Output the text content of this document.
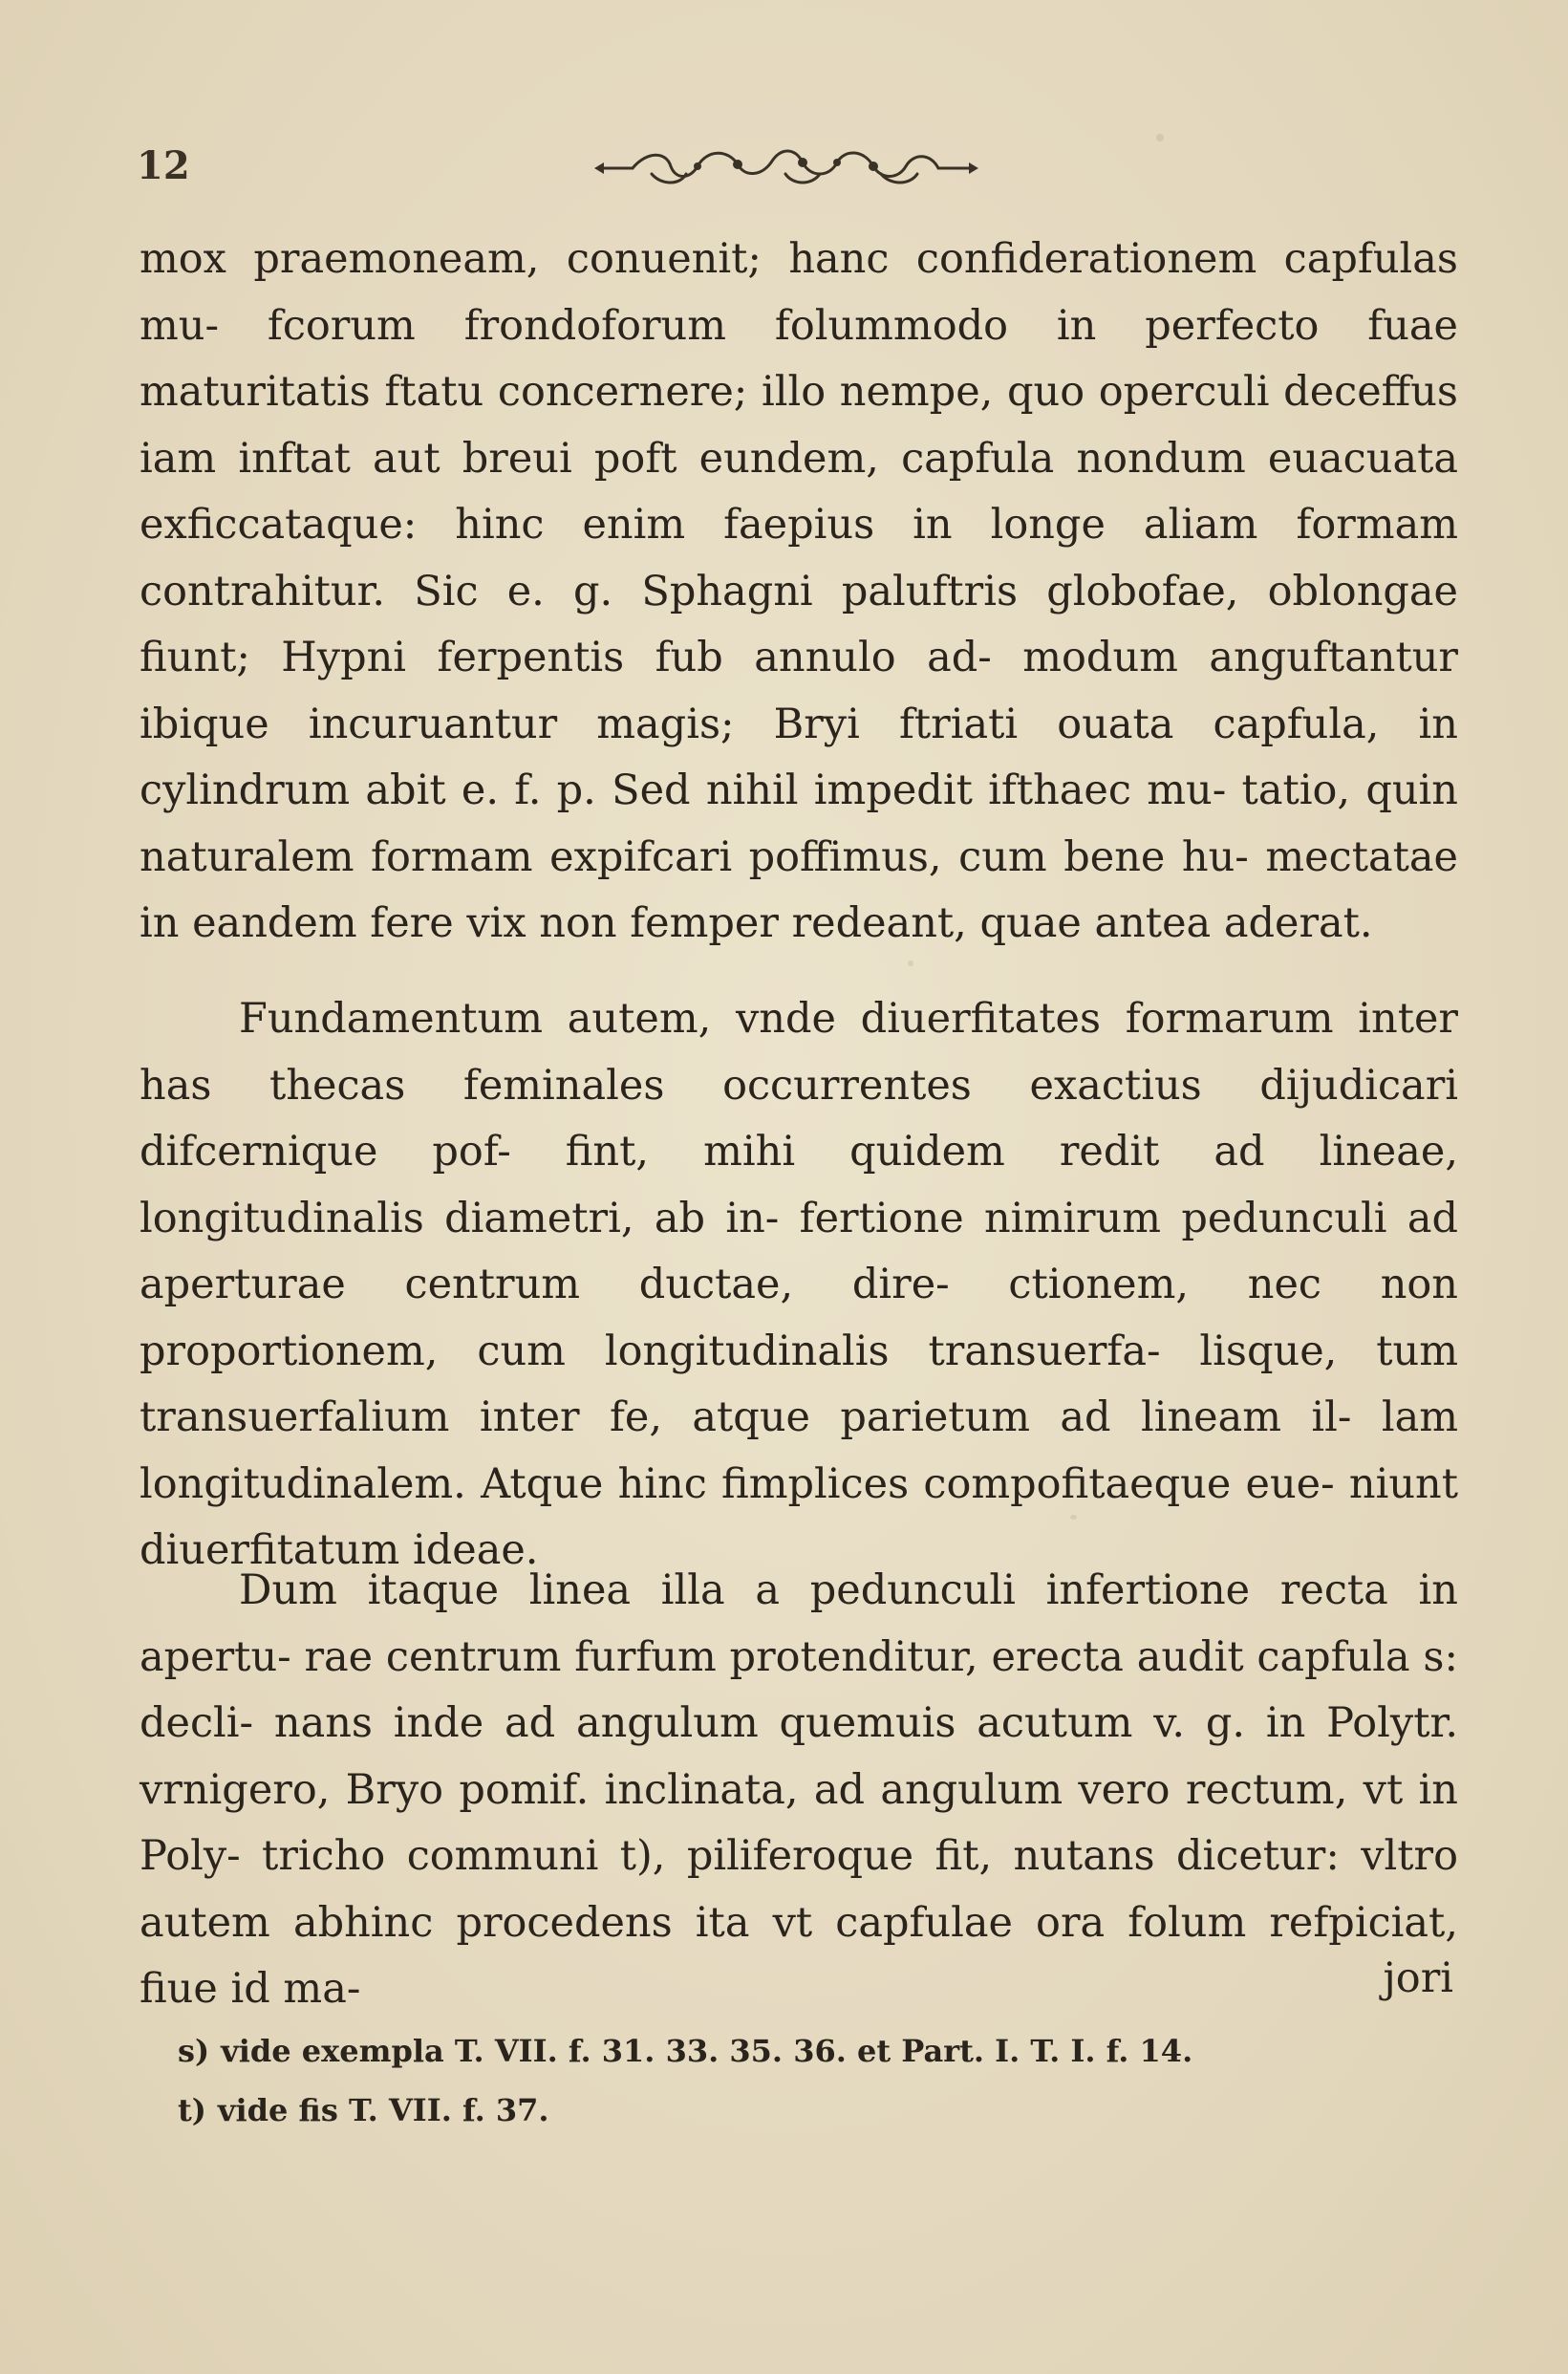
12

mox praemoneam, conuenit; hanc confiderationem capfulas mu- fcorum frondoforum folummodo in perfecto fuae maturitatis ftatu concernere; illo nempe, quo operculi deceffus iam inftat aut breui poft eundem, capfula nondum euacuata exficcataque: hinc enim faepius in longe aliam formam contrahitur. Sic e. g. Sphagni paluftris globofae, oblongae fiunt; Hypni ferpentis fub annulo ad- modum anguftantur ibique incuruantur magis; Bryi ftriati ouata capfula, in cylindrum abit e. f. p. Sed nihil impedit ifthaec mu- tatio, quin naturalem formam expifcari poffimus, cum bene hu- mectatae in eandem fere vix non femper redeant, quae antea aderat.

Fundamentum autem, vnde diuerfitates formarum inter has thecas feminales occurrentes exactius dijudicari difcernique pof- fint, mihi quidem redit ad lineae, longitudinalis diametri, ab in- fertione nimirum pedunculi ad aperturae centrum ductae, dire- ctionem, nec non proportionem, cum longitudinalis transuerfa- lisque, tum transuerfalium inter fe, atque parietum ad lineam il- lam longitudinalem. Atque hinc fimplices compofitaeque eue- niunt diuerfitatum ideae.

Dum itaque linea illa a pedunculi infertione recta in apertu- rae centrum furfum protenditur, erecta audit capfula s: decli- nans inde ad angulum quemuis acutum v. g. in Polytr. vrnigero, Bryo pomif. inclinata, ad angulum vero rectum, vt in Poly- tricho communi t), piliferoque fit, nutans dicetur: vltro autem abhinc procedens ita vt capfulae ora folum refpiciat, fiue id ma-	jori
s) vide exempla T. VII. f. 31. 33. 35. 36. et Part. I. T. I. f. 14.
t) vide fis T. VII. f. 37.
